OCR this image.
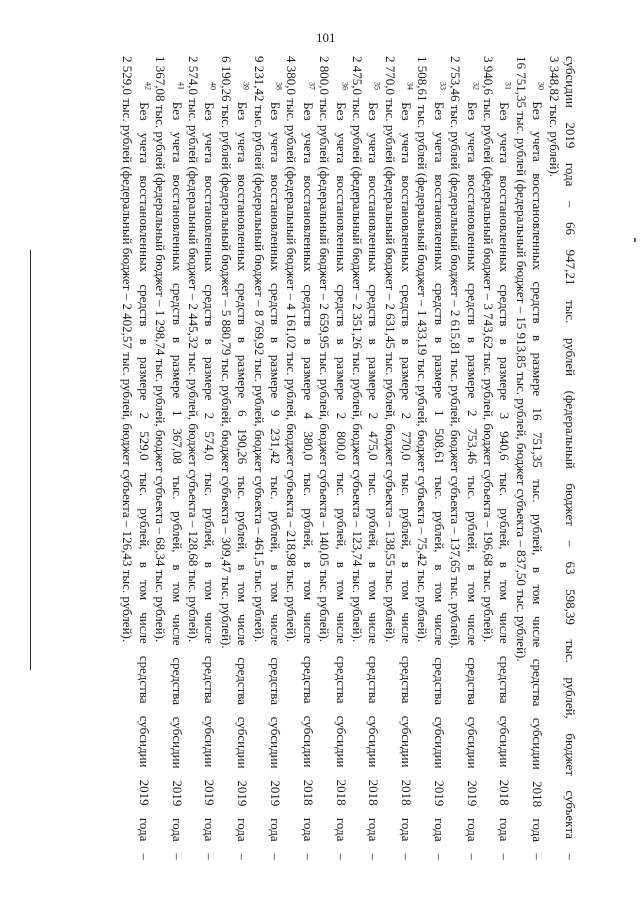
101
субсидии 2019 года – 66 947,21 тыс. рублей (федеральный бюджет – 63 598,39 тыс. рублей, бюджет субъекта –
3 348,82 тыс. рублей).
$^{30}$ Без учета восстановленных средств в размере 16 751,35 тыс. рублей, в том числе средства субсидии 2018 года –
16 751,35 тыс. рублей (федеральный бюджет – 15 913,85 тыс. рублей, бюджет субъекта – 837,50 тыс. рублей).
$^{31}$ Без учета восстановленных средств в размере 3 940,6 тыс. рублей, в том числе средства субсидии 2018 года –
3 940,6 тыс. рублей (федеральный бюджет – 3 743,62 тыс. рублей, бюджет субъекта – 196,68 тыс. рублей).
$^{32}$ Без учета восстановленных средств в размере 2 753,46 тыс. рублей, в том числе средства субсидии 2019 года –
2 753,46 тыс. рублей (федеральный бюджет – 2 615,81 тыс. рублей, бюджет субъекта – 137,65 тыс. рублей).
$^{33}$ Без учета восстановленных средств в размере 1 508,61 тыс. рублей, в том числе средства субсидии 2019 года –
1 508,61 тыс. рублей (федеральный бюджет – 1 433,19 тыс. рублей, бюджет субъекта – 75,42 тыс. рублей).
$^{34}$ Без учета восстановленных средств в размере 2 770,0 тыс. рублей, в том числе средства субсидии 2018 года –
2 770,0 тыс. рублей (федеральный бюджет – 2 631,45 тыс. рублей, бюджет субъекта – 138,55 тыс. рублей).
$^{35}$ Без учета восстановленных средств в размере 2 475,0 тыс. рублей, в том числе средства субсидии 2018 года –
2 475,0 тыс. рублей (федеральный бюджет – 2 351,26 тыс. рублей, бюджет субъекта – 123,74 тыс. рублей).
$^{36}$ Без учета восстановленных средств в размере 2 800,0 тыс. рублей, в том числе средства субсидии 2018 года –
2 800,0 тыс. рублей (федеральный бюджет – 2 659,95 тыс. рублей, бюджет субъекта – 140,05 тыс. рублей).
$^{37}$ Без учета восстановленных средств в размере 4 380,0 тыс. рублей, в том числе средства субсидии 2018 года –
4 380,0 тыс. рублей (федеральный бюджет – 4 161,02 тыс. рублей, бюджет субъекта – 218,98 тыс. рублей).
$^{38}$ Без учета восстановленных средств в размере 9 231,42 тыс. рублей, в том числе средства субсидии 2019 года –
9 231,42 тыс. рублей (федеральный бюджет – 8 769,92 тыс. рублей, бюджет субъекта – 461,5 тыс. рублей).
$^{39}$ Без учета восстановленных средств в размере 6 190,26 тыс. рублей, в том числе средства субсидии 2019 года –
6 190,26 тыс. рублей (федеральный бюджет – 5 880,79 тыс. рублей, бюджет субъекта – 309,47 тыс. рублей).
$^{40}$ Без учета восстановленных средств в размере 2 574,0 тыс. рублей, в том числе средства субсидии 2019 года –
2 574,0 тыс. рублей (федеральный бюджет – 2 445,32 тыс. рублей, бюджет субъекта – 128,68 тыс. рублей).
$^{41}$ Без учета восстановленных средств в размере 1 367,08 тыс. рублей, в том числе средства субсидии 2019 года –
1 367,08 тыс. рублей (федеральный бюджет – 1 298,74 тыс. рублей, бюджет субъекта – 68,34 тыс. рублей).
$^{42}$ Без учета восстановленных средств в размере 2 529,0 тыс. рублей, в том числе средства субсидии 2019 года –
2 529,0 тыс. рублей (федеральный бюджет – 2 402,57 тыс. рублей, бюджет субъекта – 126,43 тыс. рублей).
